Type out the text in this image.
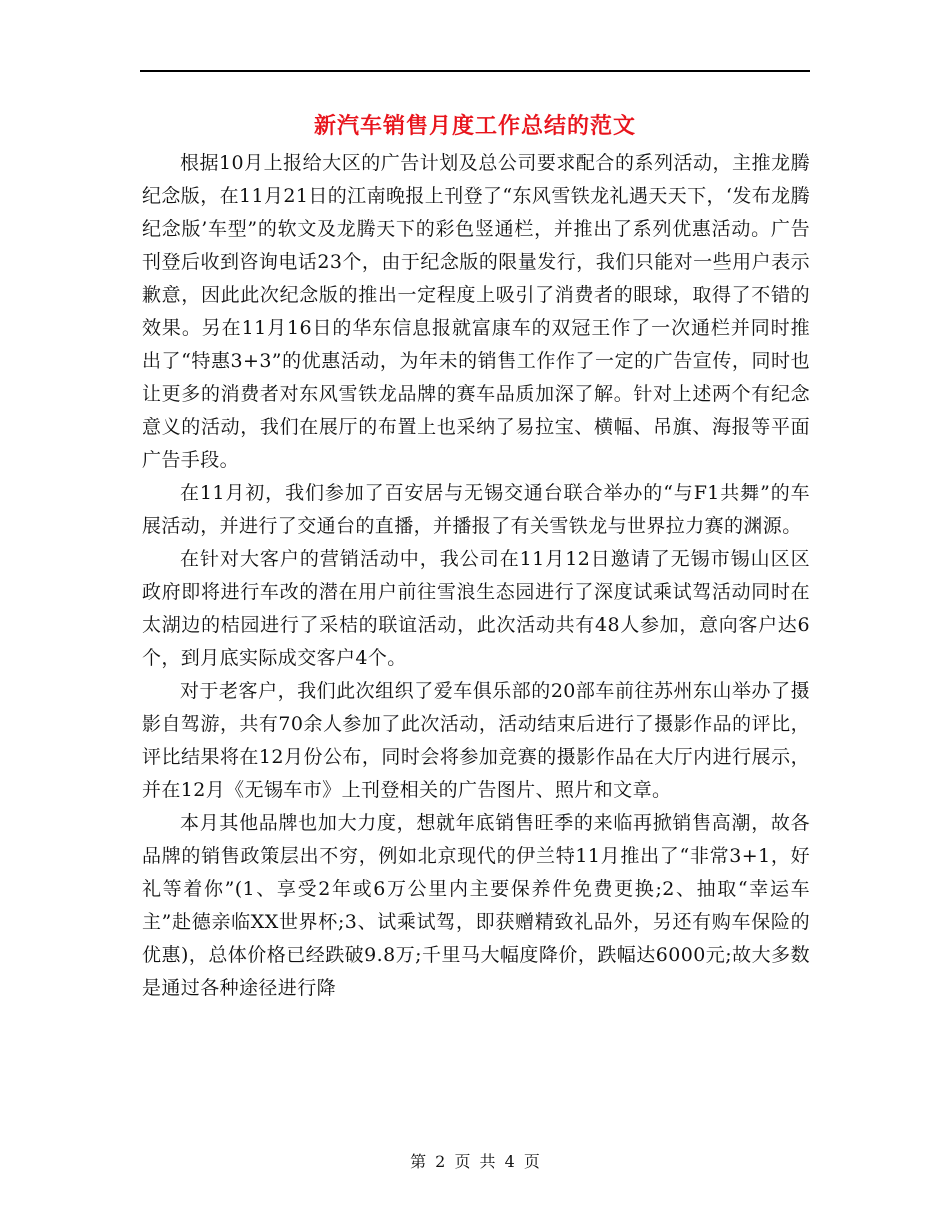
新汽车销售月度工作总结的范文

根据10月上报给大区的广告计划及总公司要求配合的系列活动，主推龙腾纪念版，在11月21日的江南晚报上刊登了“东风雪铁龙礼遇天天下，‘发布龙腾纪念版’车型”的软文及龙腾天下的彩色竖通栏，并推出了系列优惠活动。广告刊登后收到咨询电话23个，由于纪念版的限量发行，我们只能对一些用户表示歉意，因此此次纪念版的推出一定程度上吸引了消费者的眼球，取得了不错的效果。另在11月16日的华东信息报就富康车的双冠王作了一次通栏并同时推出了“特惠3+3”的优惠活动，为年未的销售工作作了一定的广告宣传，同时也让更多的消费者对东风雪铁龙品牌的赛车品质加深了解。针对上述两个有纪念意义的活动，我们在展厅的布置上也采纳了易拉宝、横幅、吊旗、海报等平面广告手段。

在11月初，我们参加了百安居与无锡交通台联合举办的“与F1共舞”的车展活动，并进行了交通台的直播，并播报了有关雪铁龙与世界拉力赛的渊源。

在针对大客户的营销活动中，我公司在11月12日邀请了无锡市锡山区区政府即将进行车改的潜在用户前往雪浪生态园进行了深度试乘试驾活动同时在太湖边的桔园进行了采桔的联谊活动，此次活动共有48人参加，意向客户达6个，到月底实际成交客户4个。

对于老客户，我们此次组织了爱车俱乐部的20部车前往苏州东山举办了摄影自驾游，共有70余人参加了此次活动，活动结束后进行了摄影作品的评比，评比结果将在12月份公布，同时会将参加竞赛的摄影作品在大厅内进行展示，并在12月《无锡车市》上刊登相关的广告图片、照片和文章。

本月其他品牌也加大力度，想就年底销售旺季的来临再掀销售高潮，故各品牌的销售政策层出不穷，例如北京现代的伊兰特11月推出了“非常3+1，好礼等着你”(1、享受2年或6万公里内主要保养件免费更换;2、抽取“幸运车主”赴德亲临XX世界杯;3、试乘试驾，即获赠精致礼品外，另还有购车保险的优惠)，总体价格已经跌破9.8万;千里马大幅度降价，跌幅达6000元;故大多数是通过各种途径进行降

第 2 页 共 4 页
